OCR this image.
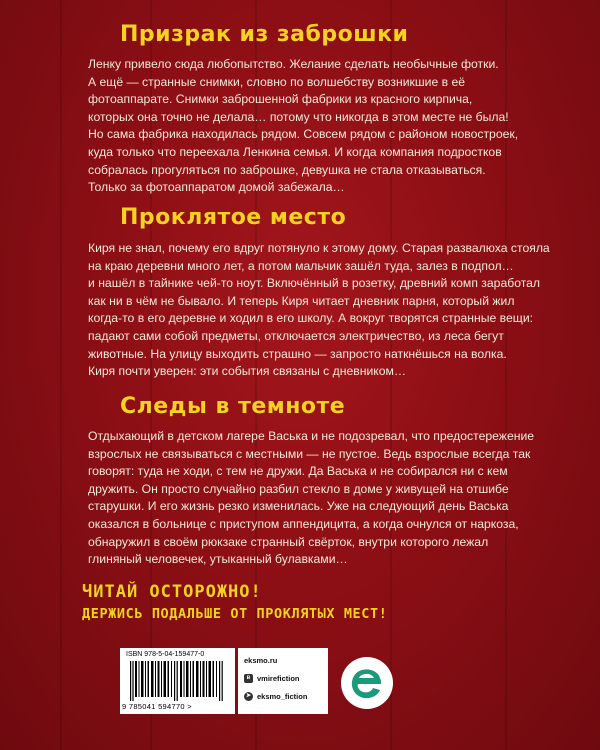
Призрак из заброшки
Ленку привело сюда любопытство. Желание сделать необычные фотки.
А ещё — странные снимки, словно по волшебству возникшие в её
фотоаппарате. Снимки заброшенной фабрики из красного кирпича,
которых она точно не делала… потому что никогда в этом месте не была!
Но сама фабрика находилась рядом. Совсем рядом с районом новостроек,
куда только что переехала Ленкина семья. И когда компания подростков
собралась прогуляться по заброшке, девушка не стала отказываться.
Только за фотоаппаратом домой забежала…
Проклятое место
Киря не знал, почему его вдруг потянуло к этому дому. Старая развалюха стояла
на краю деревни много лет, а потом мальчик зашёл туда, залез в подпол…
и нашёл в тайнике чей-то ноут. Включённый в розетку, древний комп заработал
как ни в чём не бывало. И теперь Киря читает дневник парня, который жил
когда-то в его деревне и ходил в его школу. А вокруг творятся странные вещи:
падают сами собой предметы, отключается электричество, из леса бегут
животные. На улицу выходить страшно — запросто наткнёшься на волка.
Киря почти уверен: эти события связаны с дневником…
Следы в темноте
Отдыхающий в детском лагере Васька и не подозревал, что предостережение
взрослых не связываться с местными — не пустое. Ведь взрослые всегда так
говорят: туда не ходи, с тем не дружи. Да Васька и не собирался ни с кем
дружить. Он просто случайно разбил стекло в доме у живущей на отшибе
старушки. И его жизнь резко изменилась. Уже на следующий день Васька
оказался в больнице с приступом аппендицита, а когда очнулся от наркоза,
обнаружил в своём рюкзаке странный свёрток, внутри которого лежал
глиняный человечек, утыканный булавками…
ЧИТАЙ ОСТОРОЖНО!
ДЕРЖИСЬ ПОДАЛЬШЕ ОТ ПРОКЛЯТЫХ МЕСТ!
ISBN 978-5-04-159477-0
9 785041 594770 >
eksmo.ru
в vmirefiction
➤ eksmo_fiction
